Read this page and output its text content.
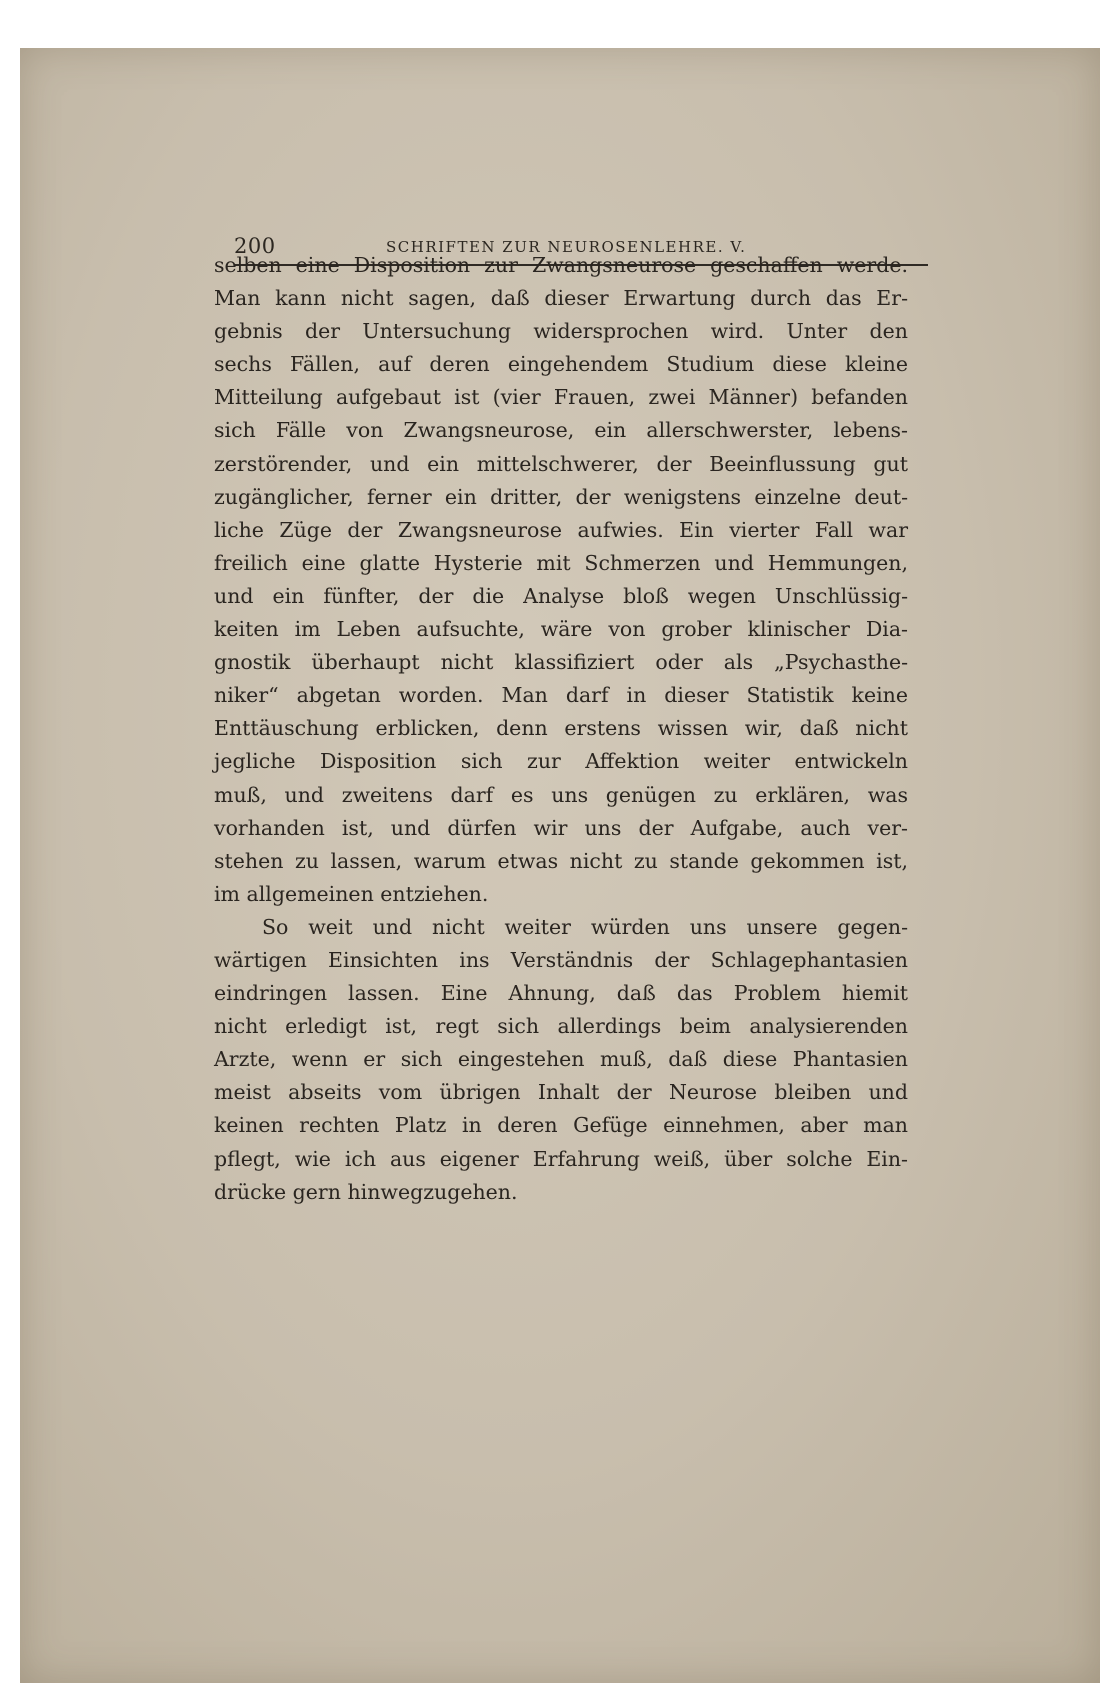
200	SCHRIFTEN ZUR NEUROSENLEHRE. V.
selben eine Disposition zur Zwangsneurose geschaffen werde.
Man kann nicht sagen, daß dieser Erwartung durch das Er-
gebnis der Untersuchung widersprochen wird. Unter den
sechs Fällen, auf deren eingehendem Studium diese kleine
Mitteilung aufgebaut ist (vier Frauen, zwei Männer) befanden
sich Fälle von Zwangsneurose, ein allerschwerster, lebens-
zerstörender, und ein mittelschwerer, der Beeinflussung gut
zugänglicher, ferner ein dritter, der wenigstens einzelne deut-
liche Züge der Zwangsneurose aufwies. Ein vierter Fall war
freilich eine glatte Hysterie mit Schmerzen und Hemmungen,
und ein fünfter, der die Analyse bloß wegen Unschlüssig-
keiten im Leben aufsuchte, wäre von grober klinischer Dia-
gnostik überhaupt nicht klassifiziert oder als „Psychasthe-
niker“ abgetan worden. Man darf in dieser Statistik keine
Enttäuschung erblicken, denn erstens wissen wir, daß nicht
jegliche Disposition sich zur Affektion weiter entwickeln
muß, und zweitens darf es uns genügen zu erklären, was
vorhanden ist, und dürfen wir uns der Aufgabe, auch ver-
stehen zu lassen, warum etwas nicht zu stande gekommen ist,
im allgemeinen entziehen.
So weit und nicht weiter würden uns unsere gegen-
wärtigen Einsichten ins Verständnis der Schlagephantasien
eindringen lassen. Eine Ahnung, daß das Problem hiemit
nicht erledigt ist, regt sich allerdings beim analysierenden
Arzte, wenn er sich eingestehen muß, daß diese Phantasien
meist abseits vom übrigen Inhalt der Neurose bleiben und
keinen rechten Platz in deren Gefüge einnehmen, aber man
pflegt, wie ich aus eigener Erfahrung weiß, über solche Ein-
drücke gern hinwegzugehen.
